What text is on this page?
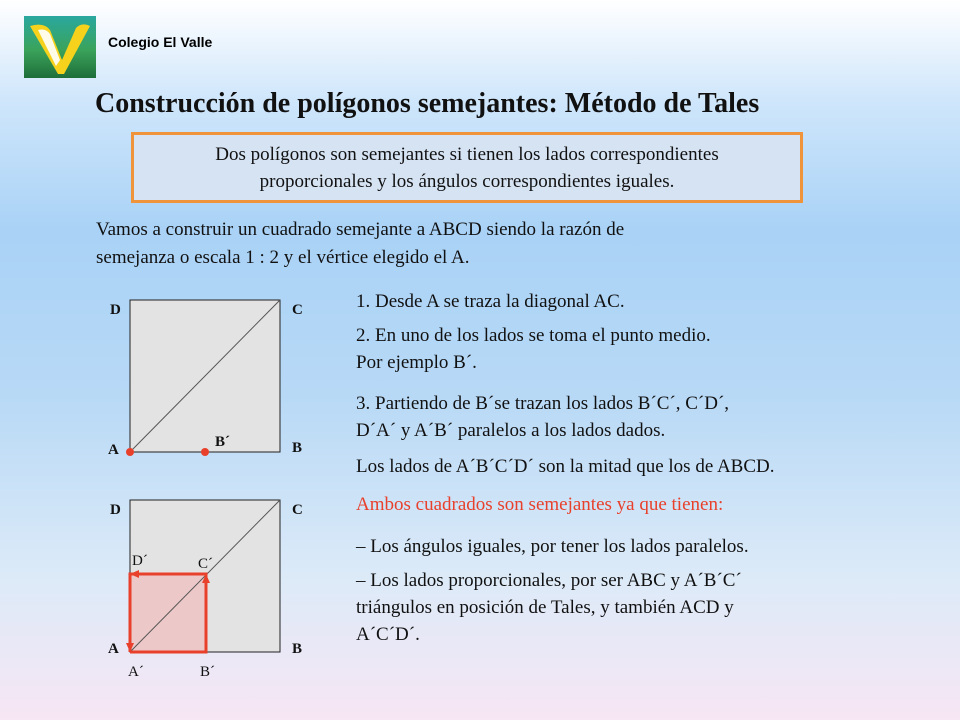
Colegio El Valle
Construcción de polígonos semejantes: Método de Tales
Dos polígonos son semejantes si tienen los lados correspondientes
proporcionales y los ángulos correspondientes iguales.
Vamos a construir un cuadrado semejante a ABCD siendo la razón de
semejanza o escala 1 : 2 y el vértice elegido el A.
D	C
A	B
B´
D	C
A	B
D´	C´
A´	B´
1. Desde A se traza la diagonal AC.
2. En uno de los lados se toma el punto medio.
Por ejemplo B´.
3. Partiendo de B´se trazan los lados B´C´, C´D´,
D´A´ y A´B´ paralelos a los lados dados.
Los lados de A´B´C´D´ son la mitad que los de ABCD.
Ambos cuadrados son semejantes ya que tienen:
– Los ángulos iguales, por tener los lados paralelos.
– Los lados proporcionales, por ser ABC y A´B´C´
triángulos en posición de Tales, y también ACD y
A´C´D´.
